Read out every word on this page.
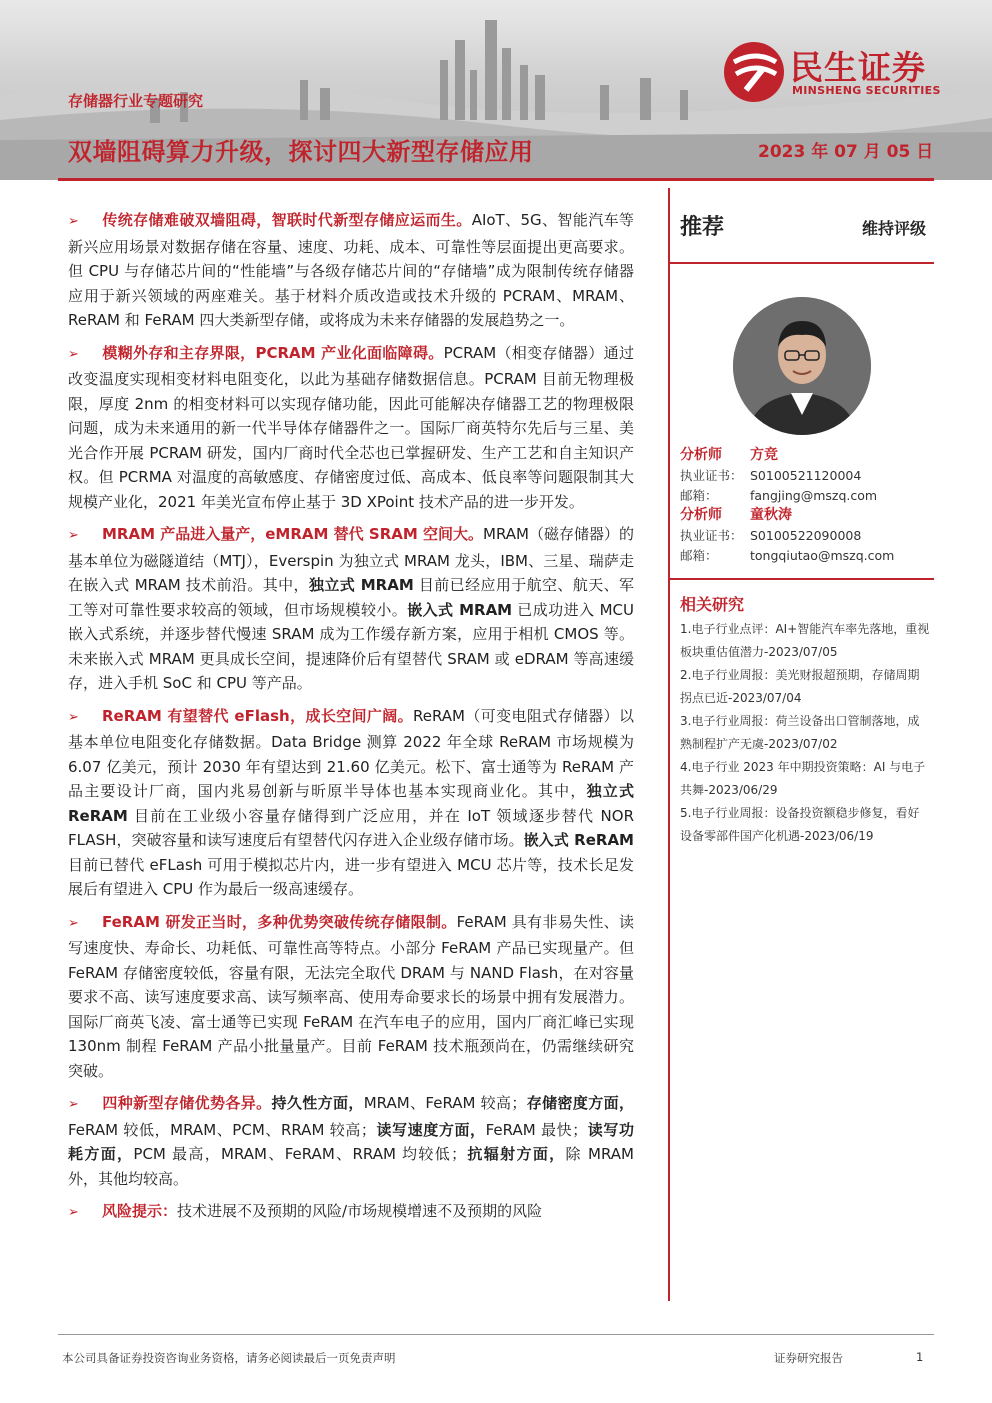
民生证券
MINSHENG SECURITIES
存储器行业专题研究
双墙阻碍算力升级，探讨四大新型存储应用	2023 年 07 月 05 日

➢ 传统存储难破双墙阻碍，智联时代新型存储应运而生。AIoT、5G、智能汽车等新兴应用场景对数据存储在容量、速度、功耗、成本、可靠性等层面提出更高要求。但 CPU 与存储芯片间的“性能墙”与各级存储芯片间的“存储墙”成为限制传统存储器应用于新兴领域的两座难关。基于材料介质改造或技术升级的 PCRAM、MRAM、ReRAM 和 FeRAM 四大类新型存储，或将成为未来存储器的发展趋势之一。

➢ 模糊外存和主存界限，PCRAM 产业化面临障碍。PCRAM（相变存储器）通过改变温度实现相变材料电阻变化，以此为基础存储数据信息。PCRAM 目前无物理极限，厚度 2nm 的相变材料可以实现存储功能，因此可能解决存储器工艺的物理极限问题，成为未来通用的新一代半导体存储器件之一。国际厂商英特尔先后与三星、美光合作开展 PCRAM 研发，国内厂商时代全芯也已掌握研发、生产工艺和自主知识产权。但 PCRMA 对温度的高敏感度、存储密度过低、高成本、低良率等问题限制其大规模产业化，2021 年美光宣布停止基于 3D XPoint 技术产品的进一步开发。

➢ MRAM 产品进入量产，eMRAM 替代 SRAM 空间大。MRAM（磁存储器）的基本单位为磁隧道结（MTJ），Everspin 为独立式 MRAM 龙头，IBM、三星、瑞萨走在嵌入式 MRAM 技术前沿。其中，独立式 MRAM 目前已经应用于航空、航天、军工等对可靠性要求较高的领域，但市场规模较小。嵌入式 MRAM 已成功进入 MCU 嵌入式系统，并逐步替代慢速 SRAM 成为工作缓存新方案，应用于相机 CMOS 等。未来嵌入式 MRAM 更具成长空间，提速降价后有望替代 SRAM 或 eDRAM 等高速缓存，进入手机 SoC 和 CPU 等产品。

➢ ReRAM 有望替代 eFlash，成长空间广阔。ReRAM（可变电阻式存储器）以基本单位电阻变化存储数据。Data Bridge 测算 2022 年全球 ReRAM 市场规模为 6.07 亿美元，预计 2030 年有望达到 21.60 亿美元。松下、富士通等为 ReRAM 产品主要设计厂商，国内兆易创新与昕原半导体也基本实现商业化。其中，独立式 ReRAM 目前在工业级小容量存储得到广泛应用，并在 IoT 领域逐步替代 NOR FLASH，突破容量和读写速度后有望替代闪存进入企业级存储市场。嵌入式 ReRAM 目前已替代 eFLash 可用于模拟芯片内，进一步有望进入 MCU 芯片等，技术长足发展后有望进入 CPU 作为最后一级高速缓存。

➢ FeRAM 研发正当时，多种优势突破传统存储限制。FeRAM 具有非易失性、读写速度快、寿命长、功耗低、可靠性高等特点。小部分 FeRAM 产品已实现量产。但 FeRAM 存储密度较低，容量有限，无法完全取代 DRAM 与 NAND Flash，在对容量要求不高、读写速度要求高、读写频率高、使用寿命要求长的场景中拥有发展潜力。国际厂商英飞凌、富士通等已实现 FeRAM 在汽车电子的应用，国内厂商汇峰已实现 130nm 制程 FeRAM 产品小批量量产。目前 FeRAM 技术瓶颈尚在，仍需继续研究突破。

➢ 四种新型存储优势各异。持久性方面，MRAM、FeRAM 较高；存储密度方面，FeRAM 较低，MRAM、PCM、RRAM 较高；读写速度方面，FeRAM 最快；读写功耗方面，PCM 最高，MRAM、FeRAM、RRAM 均较低；抗辐射方面，除 MRAM 外，其他均较高。

➢ 风险提示：技术进展不及预期的风险/市场规模增速不及预期的风险

推荐	维持评级
分析师 方竞
执业证书： S0100521120004
邮箱：	fangjing@mszq.com
分析师 童秋涛
执业证书： S0100522090008
邮箱：	tongqiutao@mszq.com
相关研究

1.电子行业点评：AI+智能汽车率先落地，重视板块重估值潜力-2023/07/05

2.电子行业周报：美光财报超预期，存储周期拐点已近-2023/07/04

3.电子行业周报：荷兰设备出口管制落地，成熟制程扩产无虞-2023/07/02

4.电子行业 2023 年中期投资策略：AI 与电子共舞-2023/06/29

5.电子行业周报：设备投资额稳步修复，看好设备零部件国产化机遇-2023/06/19

本公司具备证券投资咨询业务资格，请务必阅读最后一页免责声明	证券研究报告	1
